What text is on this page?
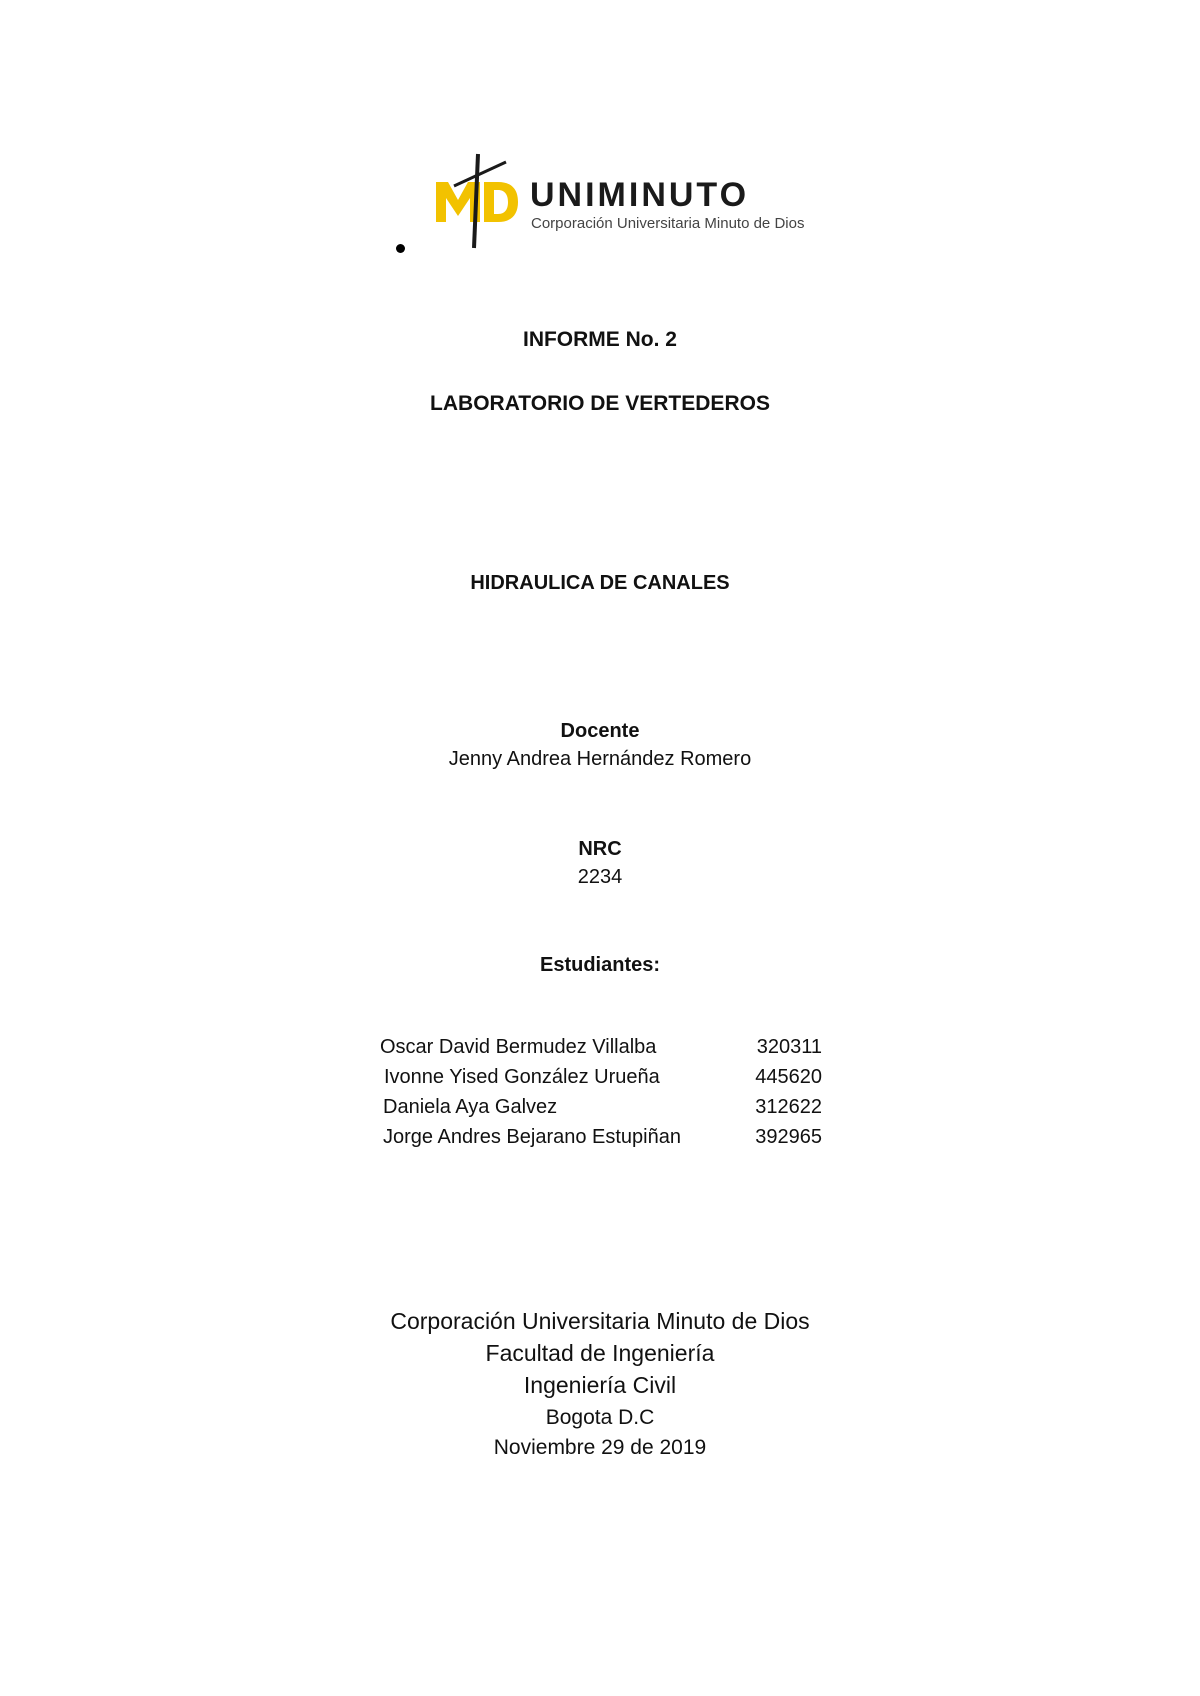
UNIMINUTO
Corporación Universitaria Minuto de Dios
INFORME No. 2
LABORATORIO DE VERTEDEROS
HIDRAULICA DE CANALES
Docente
Jenny Andrea Hernández Romero
NRC
2234
Estudiantes:
Oscar David Bermudez Villalba	320311
Ivonne Yised González Urueña	445620
Daniela Aya Galvez	312622
Jorge Andres Bejarano Estupiñan	392965
Corporación Universitaria Minuto de Dios
Facultad de Ingeniería
Ingeniería Civil
Bogota D.C
Noviembre 29 de 2019
